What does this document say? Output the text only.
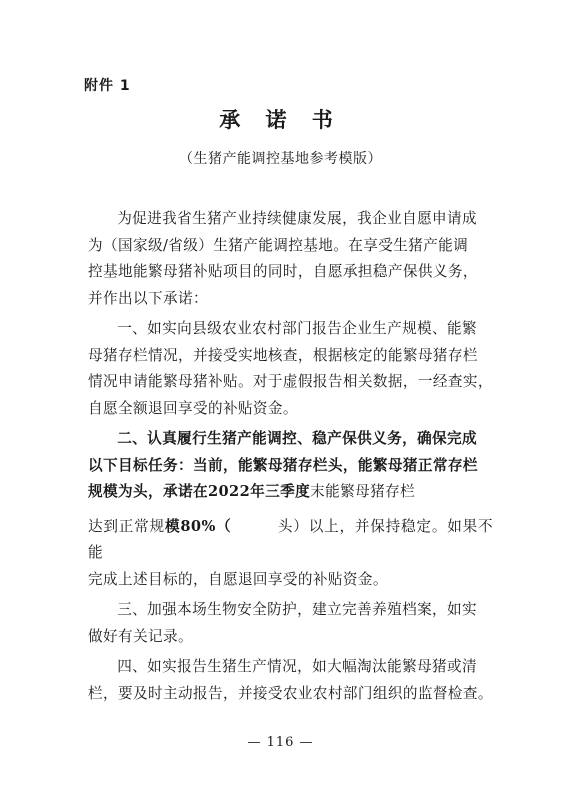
附件 1
承 诺 书
（生猪产能调控基地参考模版）

为促进我省生猪产业持续健康发展，我企业自愿申请成
为（国家级/省级）生猪产能调控基地。在享受生猪产能调
控基地能繁母猪补贴项目的同时，自愿承担稳产保供义务，
并作出以下承诺：

一、如实向县级农业农村部门报告企业生产规模、能繁
母猪存栏情况，并接受实地核查，根据核定的能繁母猪存栏
情况申请能繁母猪补贴。对于虚假报告相关数据，一经查实，
自愿全额退回享受的补贴资金。

二、认真履行生猪产能调控、稳产保供义务，确保完成
以下目标任务：当前，能繁母猪存栏头，能繁母猪正常存栏
规模为头，承诺在2022年三季度末能繁母猪存栏
达到正常规模80%（	头）以上，并保持稳定。如果不能
完成上述目标的，自愿退回享受的补贴资金。

三、加强本场生物安全防护，建立完善养殖档案，如实
做好有关记录。

四、如实报告生猪生产情况，如大幅淘汰能繁母猪或清
栏，要及时主动报告，并接受农业农村部门组织的监督检查。

— 116 —
